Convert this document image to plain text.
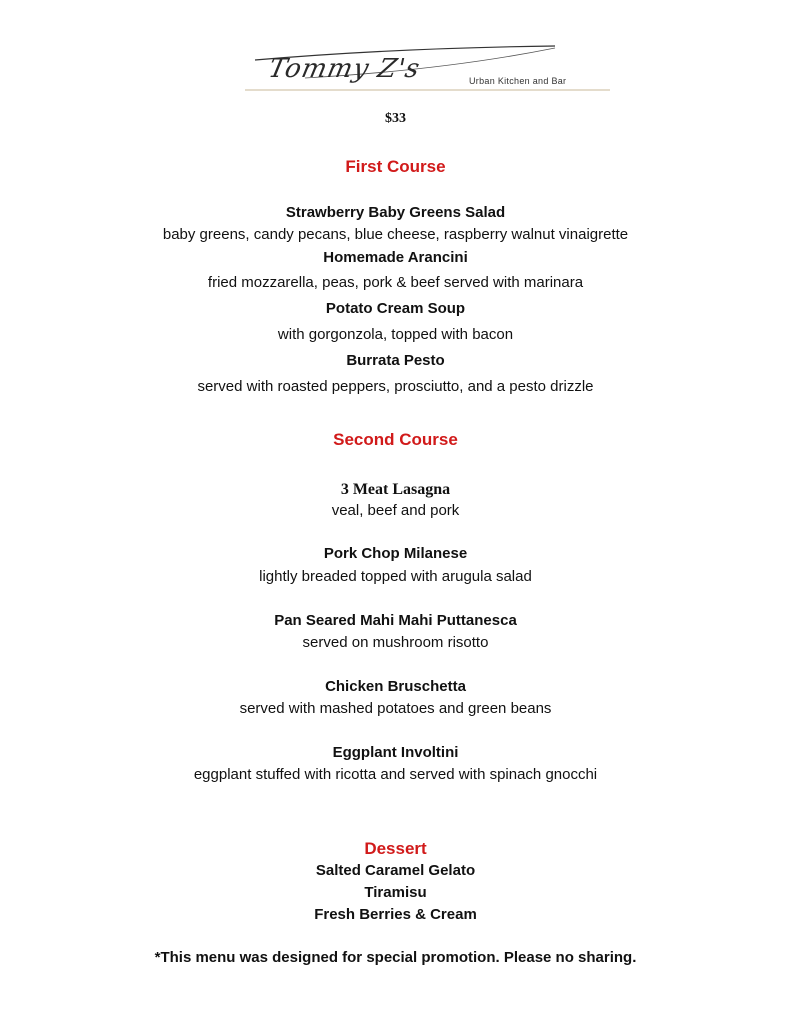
Tommy Z's	Urban Kitchen and Bar
$33
First Course
Strawberry Baby Greens Salad
baby greens, candy pecans, blue cheese, raspberry walnut vinaigrette
Homemade Arancini
fried mozzarella, peas, pork & beef served with marinara
Potato Cream Soup
with gorgonzola, topped with bacon
Burrata Pesto
served with roasted peppers, prosciutto, and a pesto drizzle
Second Course
3 Meat Lasagna
veal, beef and pork
Pork Chop Milanese
lightly breaded topped with arugula salad
Pan Seared Mahi Mahi Puttanesca
served on mushroom risotto
Chicken Bruschetta
served with mashed potatoes and green beans
Eggplant Involtini
eggplant stuffed with ricotta and served with spinach gnocchi
Dessert
Salted Caramel Gelato
Tiramisu
Fresh Berries & Cream
*This menu was designed for special promotion. Please no sharing.
